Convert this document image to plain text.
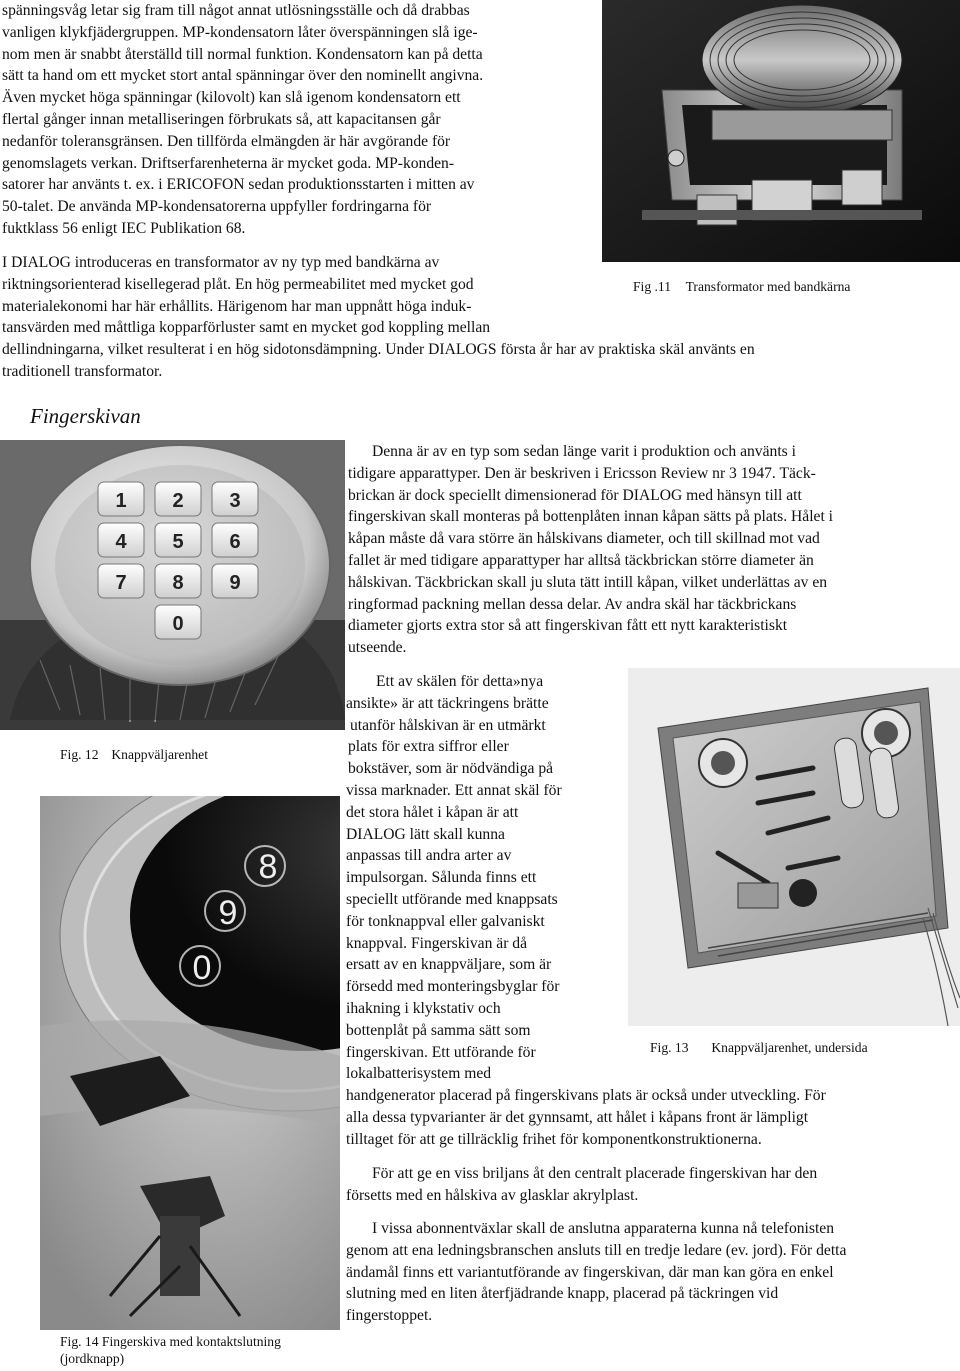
spänningsvåg letar sig fram till något annat utlösningsställe och då drabbas
vanligen klykfjädergruppen. MP-kondensatorn låter överspänningen slå ige-
nom men är snabbt återställd till normal funktion. Kondensatorn kan på detta
sätt ta hand om ett mycket stort antal spänningar över den nominellt angivna.
Även mycket höga spänningar (kilovolt) kan slå igenom kondensatorn ett
flertal gånger innan metalliseringen förbrukats så, att kapacitansen går
nedanför toleransgränsen. Den tillförda elmängden är här avgörande för
genomslagets verkan. Driftserfarenheterna är mycket goda. MP-konden-
satorer har använts t. ex. i ERICOFON sedan produktionsstarten i mitten av
50-talet. De använda MP-kondensatorerna uppfyller fordringarna för
fuktklass 56 enligt IEC Publikation 68.
I DIALOG introduceras en transformator av ny typ med bandkärna av
riktningsorienterad kisellegerad plåt. En hög permeabilitet med mycket god
materialekonomi har här erhållits. Härigenom har man uppnått höga induk-
tansvärden med måttliga kopparförluster samt en mycket god koppling mellan
dellindningarna, vilket resulterat i en hög sidotonsdämpning. Under DIALOGS första år har av praktiska skäl använts en
traditionell transformator.
Fig .11 Transformator med bandkärna
Fingerskivan
1 2 3
4 5 6
7 8 9
0
Fig. 12 Knappväljarenhet
8
9
0
Fig. 14 Fingerskiva med kontaktslutning
(jordknapp)
Denna är av en typ som sedan länge varit i produktion och använts i
tidigare apparattyper. Den är beskriven i Ericsson Review nr 3 1947. Täck-
brickan är dock speciellt dimensionerad för DIALOG med hänsyn till att
fingerskivan skall monteras på bottenplåten innan kåpan sätts på plats. Hålet i
kåpan måste då vara större än hålskivans diameter, och till skillnad mot vad
fallet är med tidigare apparattyper har alltså täckbrickan större diameter än
hålskivan. Täckbrickan skall ju sluta tätt intill kåpan, vilket underlättas av en
ringformad packning mellan dessa delar. Av andra skäl har täckbrickans
diameter gjorts extra stor så att fingerskivan fått ett nytt karakteristiskt
utseende.
Ett av skälen för detta»nya
ansikte» är att täckringens brätte
utanför hålskivan är en utmärkt
plats för extra siffror eller
bokstäver, som är nödvändiga på
vissa marknader. Ett annat skäl för
det stora hålet i kåpan är att
DIALOG lätt skall kunna
anpassas till andra arter av
impulsorgan. Sålunda finns ett
speciellt utförande med knappsats
för tonknappval eller galvaniskt
knappval. Fingerskivan är då
ersatt av en knappväljare, som är
försedd med monteringsbyglar för
ihakning i klykstativ och
bottenplåt på samma sätt som
fingerskivan. Ett utförande för
lokalbatterisystem med
Fig. 13 Knappväljarenhet, undersida
handgenerator placerad på fingerskivans plats är också under utveckling. För
alla dessa typvarianter är det gynnsamt, att hålet i kåpans front är lämpligt
tilltaget för att ge tillräcklig frihet för komponentkonstruktionerna.
För att ge en viss briljans åt den centralt placerade fingerskivan har den
försetts med en hålskiva av glasklar akrylplast.
I vissa abonnentväxlar skall de anslutna apparaterna kunna nå telefonisten
genom att ena ledningsbranschen ansluts till en tredje ledare (ev. jord). För detta
ändamål finns ett variantutförande av fingerskivan, där man kan göra en enkel
slutning med en liten återfjädrande knapp, placerad på täckringen vid
fingerstoppet.
